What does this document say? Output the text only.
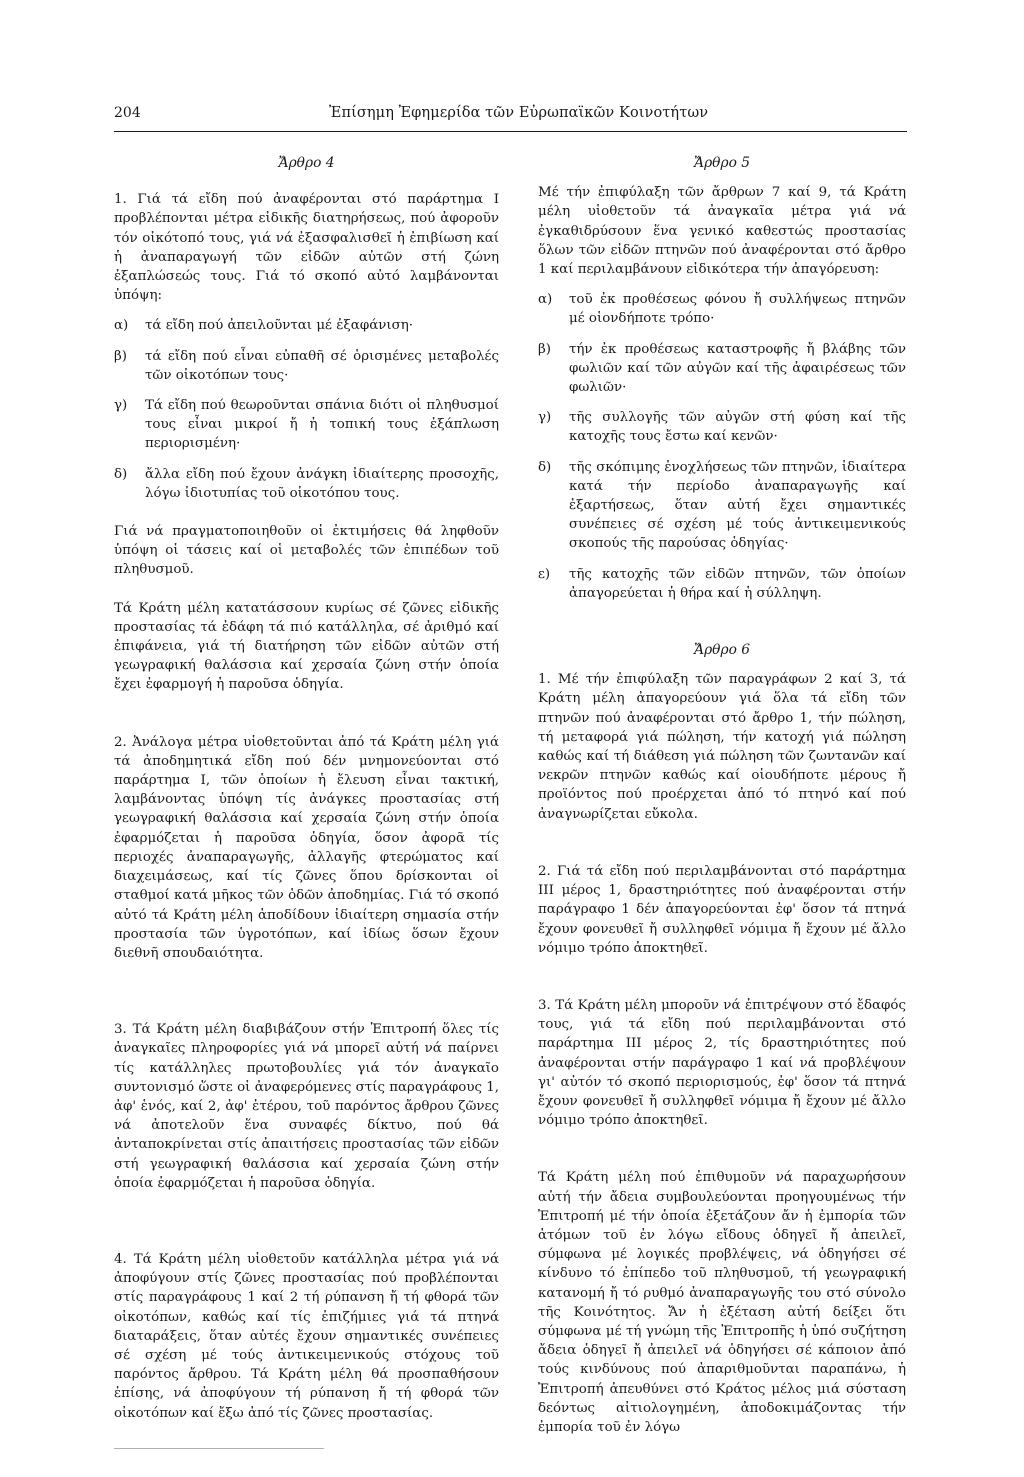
204	Ἐπίσημη Ἐφημερίδα τῶν Εὐρωπαϊκῶν Κοινοτήτων
Ἄρθρο 4

1. Γιά τά εἴδη πού ἀναφέρονται στό παράρτημα I προβλέπονται μέτρα εἰδικῆς διατηρήσεως, πού ἀφοροῦν τόν οἰκότοπό τους, γιά νά ἐξασφαλισθεῖ ἡ ἐπιβίωση καί ἡ ἀναπαραγωγή τῶν εἰδῶν αὐτῶν στή ζώνη ἐξαπλώσεώς τους. Γιά τό σκοπό αὐτό λαμβάνονται ὑπόψη:

α)	τά εἴδη πού ἀπειλοῦνται μέ ἐξαφάνιση·
β)	τά εἴδη πού εἶναι εὐπαθῆ σέ ὁρισμένες μεταβολές τῶν οἰκοτόπων τους·
γ)	Τά εἴδη πού θεωροῦνται σπάνια διότι οἱ πληθυσμοί τους εἶναι μικροί ἤ ἡ τοπική τους ἐξάπλωση περιορισμένη·
δ)	ἄλλα εἴδη πού ἔχουν ἀνάγκη ἰδιαίτερης προσοχῆς, λόγω ἰδιοτυπίας τοῦ οἰκοτόπου τους.

Γιά νά πραγματοποιηθοῦν οἱ ἐκτιμήσεις θά ληφθοῦν ὑπόψη οἱ τάσεις καί οἱ μεταβολές τῶν ἐπιπέδων τοῦ πληθυσμοῦ.

Τά Κράτη μέλη κατατάσσουν κυρίως σέ ζῶνες εἰδικῆς προστασίας τά ἐδάφη τά πιό κατάλληλα, σέ ἀριθμό καί ἐπιφάνεια, γιά τή διατήρηση τῶν εἰδῶν αὐτῶν στή γεωγραφική θαλάσσια καί χερσαία ζώνη στήν ὁποία ἔχει ἐφαρμογή ἡ παροῦσα ὁδηγία.

2. Ἀνάλογα μέτρα υἱοθετοῦνται ἀπό τά Κράτη μέλη γιά τά ἀποδημητικά εἴδη πού δέν μνημονεύονται στό παράρτημα I, τῶν ὁποίων ἡ ἔλευση εἶναι τακτική, λαμβάνοντας ὑπόψη τίς ἀνάγκες προστασίας στή γεωγραφική θαλάσσια καί χερσαία ζώνη στήν ὁποία ἐφαρμόζεται ἡ παροῦσα ὁδηγία, ὅσον ἀφορᾶ τίς περιοχές ἀναπαραγωγῆς, ἀλλαγῆς φτερώματος καί διαχειμάσεως, καί τίς ζῶνες ὅπου δρίσκονται οἱ σταθμοί κατά μῆκος τῶν ὁδῶν ἀποδημίας. Γιά τό σκοπό αὐτό τά Κράτη μέλη ἀποδίδουν ἰδιαίτερη σημασία στήν προστασία τῶν ὑγροτόπων, καί ἰδίως ὅσων ἔχουν διεθνῆ σπουδαιότητα.

3. Τά Κράτη μέλη διαβιβάζουν στήν Ἐπιτροπή ὅλες τίς ἀναγκαῖες πληροφορίες γιά νά μπορεῖ αὐτή νά παίρνει τίς κατάλληλες πρωτοβουλίες γιά τόν ἀναγκαῖο συντονισμό ὥστε οἱ ἀναφερόμενες στίς παραγράφους 1, ἀφ' ἑνός, καί 2, ἀφ' ἑτέρου, τοῦ παρόντος ἄρθρου ζῶνες νά ἀποτελοῦν ἕνα συναφές δίκτυο, πού θά ἀνταποκρίνεται στίς ἀπαιτήσεις προστασίας τῶν εἰδῶν στή γεωγραφική θαλάσσια καί χερσαία ζώνη στήν ὁποία ἐφαρμόζεται ἡ παροῦσα ὁδηγία.

4. Τά Κράτη μέλη υἱοθετοῦν κατάλληλα μέτρα γιά νά ἀποφύγουν στίς ζῶνες προστασίας πού προβλέπονται στίς παραγράφους 1 καί 2 τή ρύπανση ἤ τή φθορά τῶν οἰκοτόπων, καθώς καί τίς ἐπιζήμιες γιά τά πτηνά διαταράξεις, ὅταν αὐτές ἔχουν σημαντικές συνέπειες σέ σχέση μέ τούς ἀντικειμενικούς στόχους τοῦ παρόντος ἄρθρου. Τά Κράτη μέλη θά προσπαθήσουν ἐπίσης, νά ἀποφύγουν τή ρύπανση ἤ τή φθορά τῶν οἰκοτόπων καί ἔξω ἀπό τίς ζῶνες προστασίας.

Ἄρθρο 5

Μέ τήν ἐπιφύλαξη τῶν ἄρθρων 7 καί 9, τά Κράτη μέλη υἱοθετοῦν τά ἀναγκαῖα μέτρα γιά νά ἐγκαθιδρύσουν ἕνα γενικό καθεστώς προστασίας ὅλων τῶν εἰδῶν πτηνῶν πού ἀναφέρονται στό ἄρθρο 1 καί περιλαμβάνουν εἰδικότερα τήν ἀπαγόρευση:

α)	τοῦ ἐκ προθέσεως φόνου ἤ συλλήψεως πτηνῶν μέ οἱονδήποτε τρόπο·
β)	τήν ἐκ προθέσεως καταστροφῆς ἤ βλάβης τῶν φωλιῶν καί τῶν αὐγῶν καί τῆς ἀφαιρέσεως τῶν φωλιῶν·
γ)	τῆς συλλογῆς τῶν αὐγῶν στή φύση καί τῆς κατοχῆς τους ἔστω καί κενῶν·
δ)	τῆς σκόπιμης ἐνοχλήσεως τῶν πτηνῶν, ἰδιαίτερα κατά τήν περίοδο ἀναπαραγωγῆς καί ἐξαρτήσεως, ὅταν αὐτή ἔχει σημαντικές συνέπειες σέ σχέση μέ τούς ἀντικειμενικούς σκοπούς τῆς παρούσας ὁδηγίας·
ε)	τῆς κατοχῆς τῶν εἰδῶν πτηνῶν, τῶν ὁποίων ἀπαγορεύεται ἡ θήρα καί ἡ σύλληψη.
Ἄρθρο 6

1. Μέ τήν ἐπιφύλαξη τῶν παραγράφων 2 καί 3, τά Κράτη μέλη ἀπαγορεύουν γιά ὅλα τά εἴδη τῶν πτηνῶν πού ἀναφέρονται στό ἄρθρο 1, τήν πώληση, τή μεταφορά γιά πώληση, τήν κατοχή γιά πώληση καθώς καί τή διάθεση γιά πώληση τῶν ζωντανῶν καί νεκρῶν πτηνῶν καθώς καί οἱουδήποτε μέρους ἤ προϊόντος πού προέρχεται ἀπό τό πτηνό καί πού ἀναγνωρίζεται εὔκολα.

2. Γιά τά εἴδη πού περιλαμβάνονται στό παράρτημα III μέρος 1, δραστηριότητες πού ἀναφέρονται στήν παράγραφο 1 δέν ἀπαγορεύονται ἐφ' ὅσον τά πτηνά ἔχουν φονευθεῖ ἤ συλληφθεῖ νόμιμα ἤ ἔχουν μέ ἄλλο νόμιμο τρόπο ἀποκτηθεῖ.

3. Τά Κράτη μέλη μποροῦν νά ἐπιτρέψουν στό ἔδαφός τους, γιά τά εἴδη πού περιλαμβάνονται στό παράρτημα III μέρος 2, τίς δραστηριότητες πού ἀναφέρονται στήν παράγραφο 1 καί νά προβλέψουν γι' αὐτόν τό σκοπό περιορισμούς, ἐφ' ὅσον τά πτηνά ἔχουν φονευθεῖ ἤ συλληφθεῖ νόμιμα ἤ ἔχουν μέ ἄλλο νόμιμο τρόπο ἀποκτηθεῖ.

Τά Κράτη μέλη πού ἐπιθυμοῦν νά παραχωρήσουν αὐτή τήν ἄδεια συμβουλεύονται προηγουμένως τήν Ἐπιτροπή μέ τήν ὁποία ἐξετάζουν ἄν ἡ ἐμπορία τῶν ἀτόμων τοῦ ἐν λόγω εἴδους ὁδηγεῖ ἤ ἀπειλεῖ, σύμφωνα μέ λογικές προβλέψεις, νά ὁδηγήσει σέ κίνδυνο τό ἐπίπεδο τοῦ πληθυσμοῦ, τή γεωγραφική κατανομή ἤ τό ρυθμό ἀναπαραγωγῆς του στό σύνολο τῆς Κοινότητος. Ἄν ἡ ἐξέταση αὐτή δείξει ὅτι σύμφωνα μέ τή γνώμη τῆς Ἐπιτροπῆς ἡ ὑπό συζήτηση ἄδεια ὁδηγεῖ ἤ ἀπειλεῖ νά ὁδηγήσει σέ κάποιον ἀπό τούς κινδύνους πού ἀπαριθμοῦνται παραπάνω, ἡ Ἐπιτροπή ἀπευθύνει στό Κράτος μέλος μιά σύσταση δεόντως αἰτιολογημένη, ἀποδοκιμάζοντας τήν ἐμπορία τοῦ ἐν λόγω
